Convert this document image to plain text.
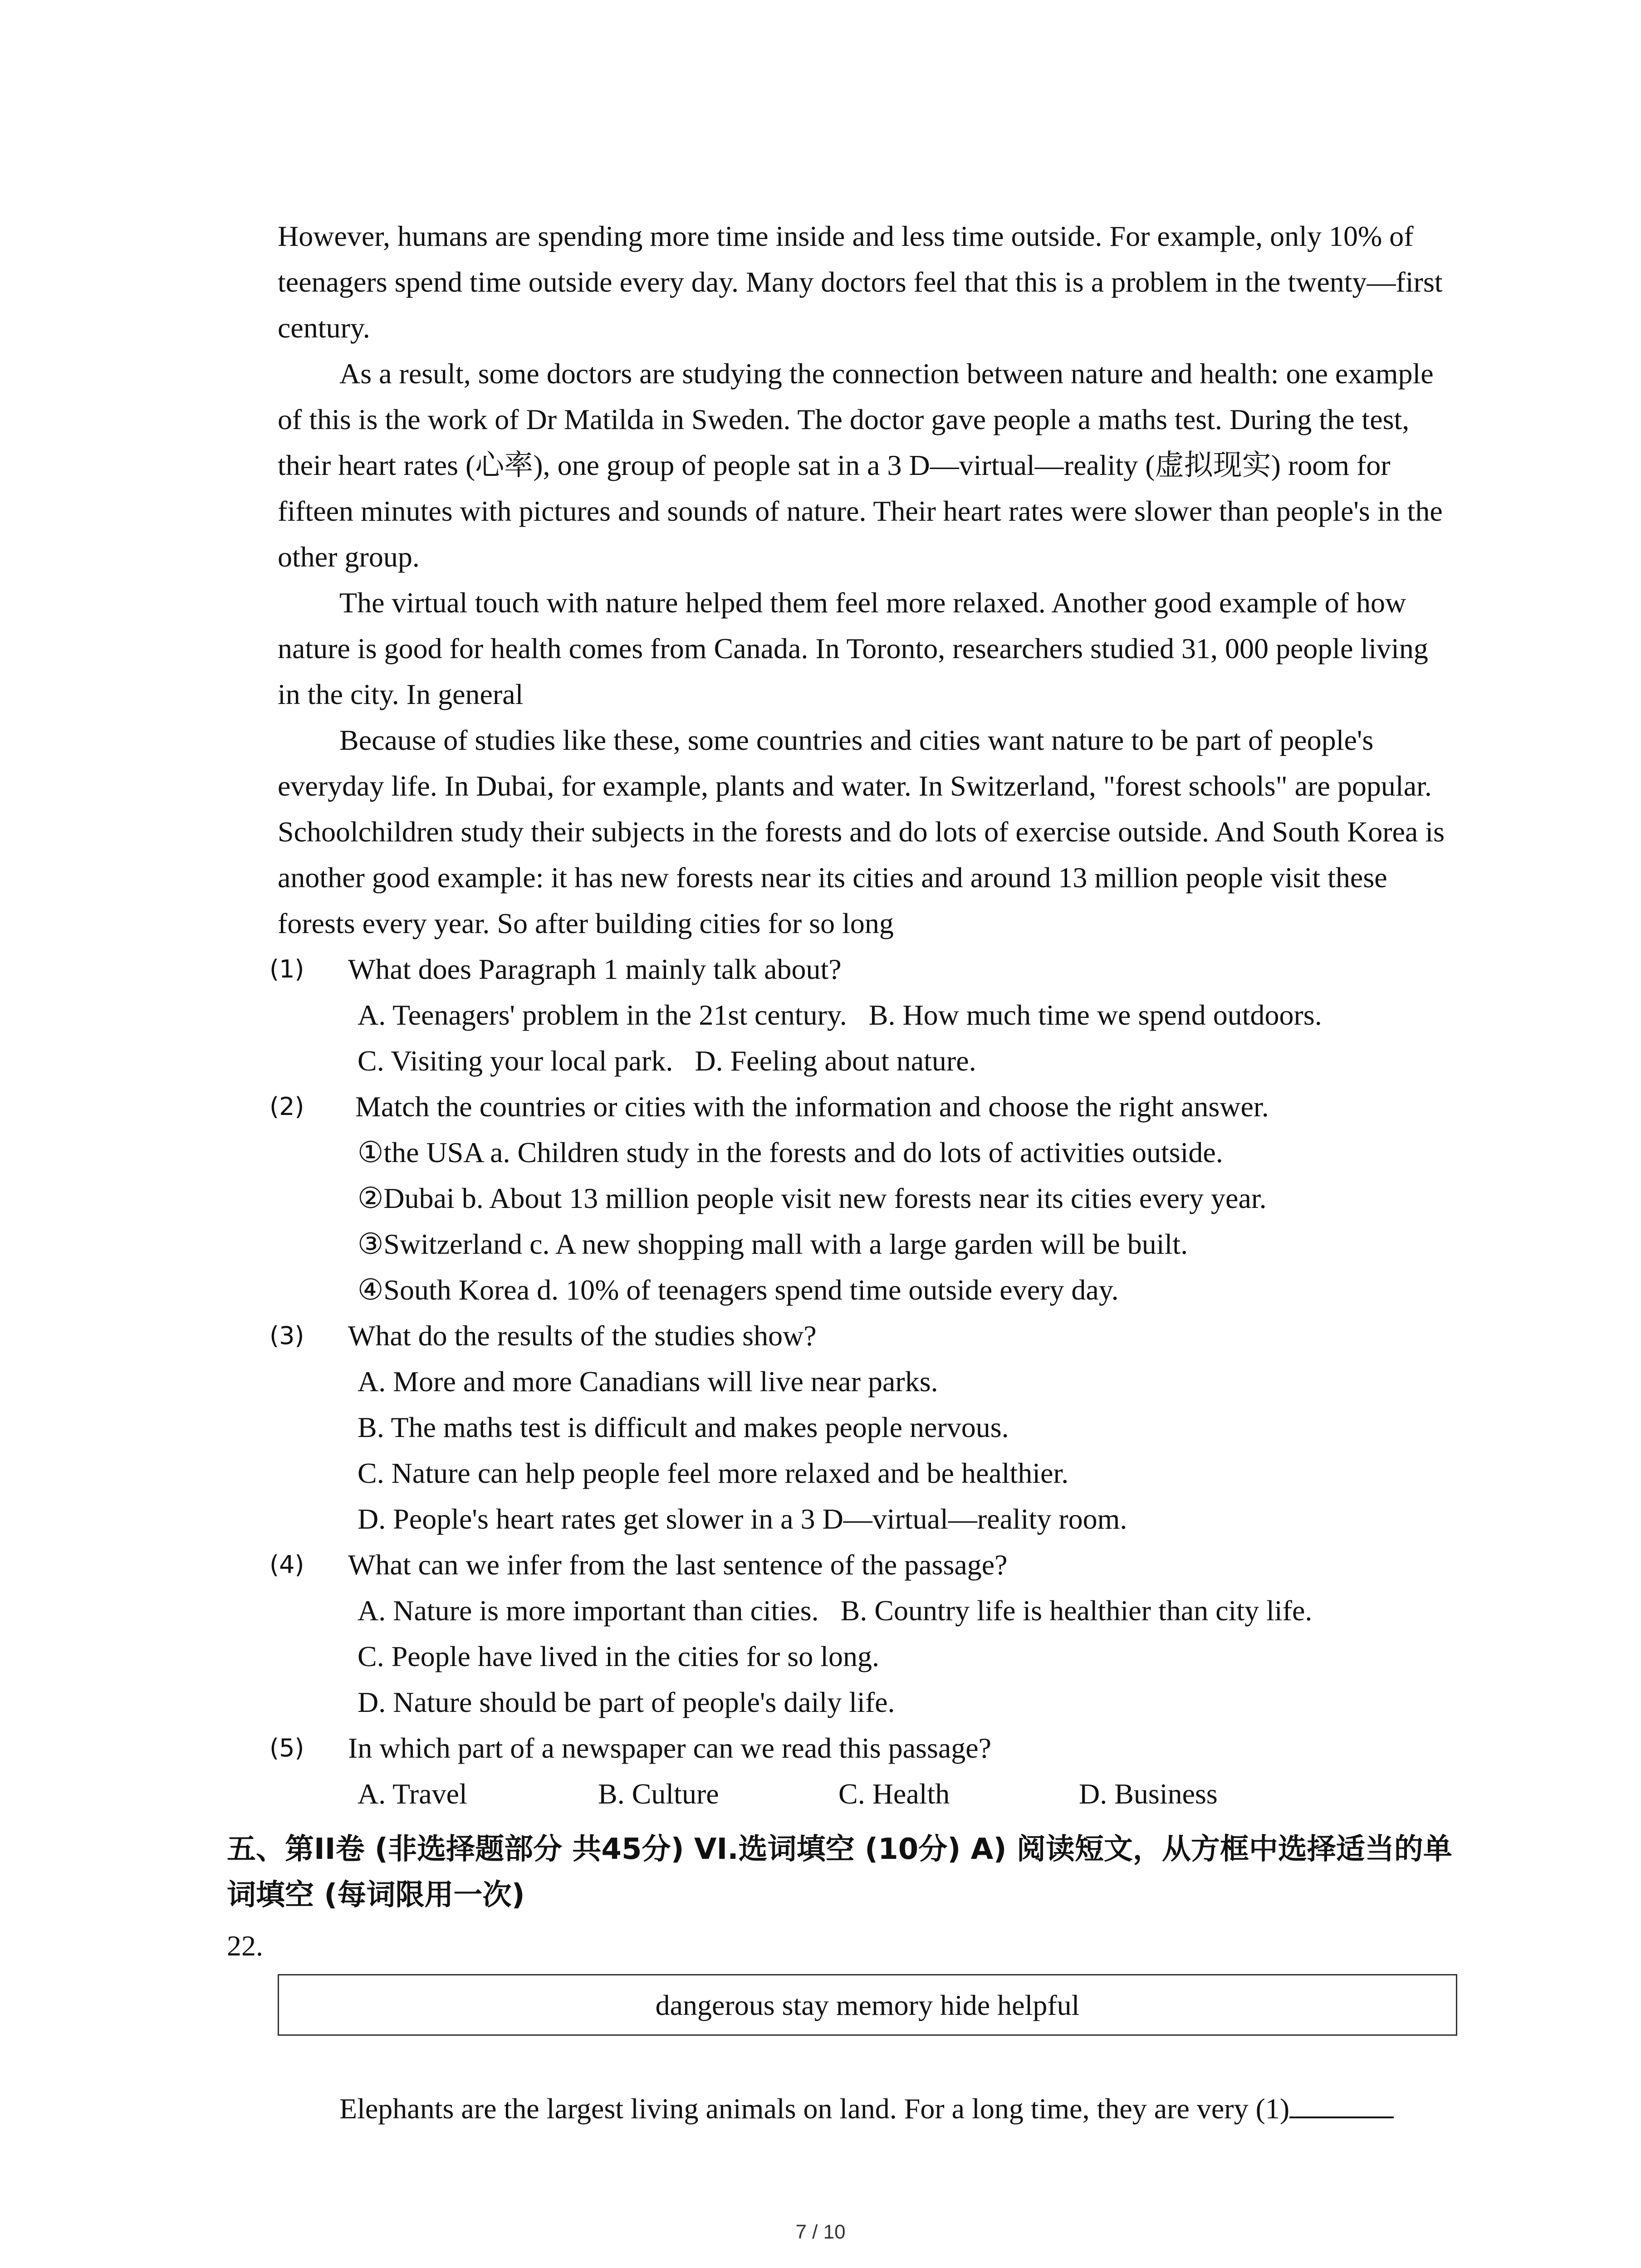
However, humans are spending more time inside and less time outside. For example, only 10% of teenagers spend time outside every day. Many doctors feel that this is a problem in the twenty—first century.

As a result, some doctors are studying the connection between nature and health: one example of this is the work of Dr Matilda in Sweden. The doctor gave people a maths test. During the test, their heart rates (心率), one group of people sat in a 3 D—virtual—reality (虚拟现实) room for fifteen minutes with pictures and sounds of nature. Their heart rates were slower than people's in the other group.

The virtual touch with nature helped them feel more relaxed. Another good example of how nature is good for health comes from Canada. In Toronto, researchers studied 31, 000 people living in the city. In general

Because of studies like these, some countries and cities want nature to be part of people's everyday life. In Dubai, for example, plants and water. In Switzerland, "forest schools" are popular. Schoolchildren study their subjects in the forests and do lots of exercise outside. And South Korea is another good example: it has new forests near its cities and around 13 million people visit these forests every year. So after building cities for so long

(1) What does Paragraph 1 mainly talk about?
A. Teenagers' problem in the 21st century.   B. How much time we spend outdoors.
C. Visiting your local park.   D. Feeling about nature.
(2) Match the countries or cities with the information and choose the right answer.
①the USA a. Children study in the forests and do lots of activities outside.
②Dubai b. About 13 million people visit new forests near its cities every year.
③Switzerland c. A new shopping mall with a large garden will be built.
④South Korea d. 10% of teenagers spend time outside every day.
(3) What do the results of the studies show?
A. More and more Canadians will live near parks.
B. The maths test is difficult and makes people nervous.
C. Nature can help people feel more relaxed and be healthier.
D. People's heart rates get slower in a 3 D—virtual—reality room.
(4) What can we infer from the last sentence of the passage?
A. Nature is more important than cities.   B. Country life is healthier than city life.
C. People have lived in the cities for so long.
D. Nature should be part of people's daily life.
(5) In which part of a newspaper can we read this passage?
A. Travel	B. Culture	C. Health	D. Business
五、第II卷 (非选择题部分 共45分) VI.选词填空 (10分) A) 阅读短文，从方框中选择适当的单词填空 (每词限用一次)
22.
dangerous stay memory hide helpful

Elephants are the largest living animals on land. For a long time, they are very (1)

7 / 10
